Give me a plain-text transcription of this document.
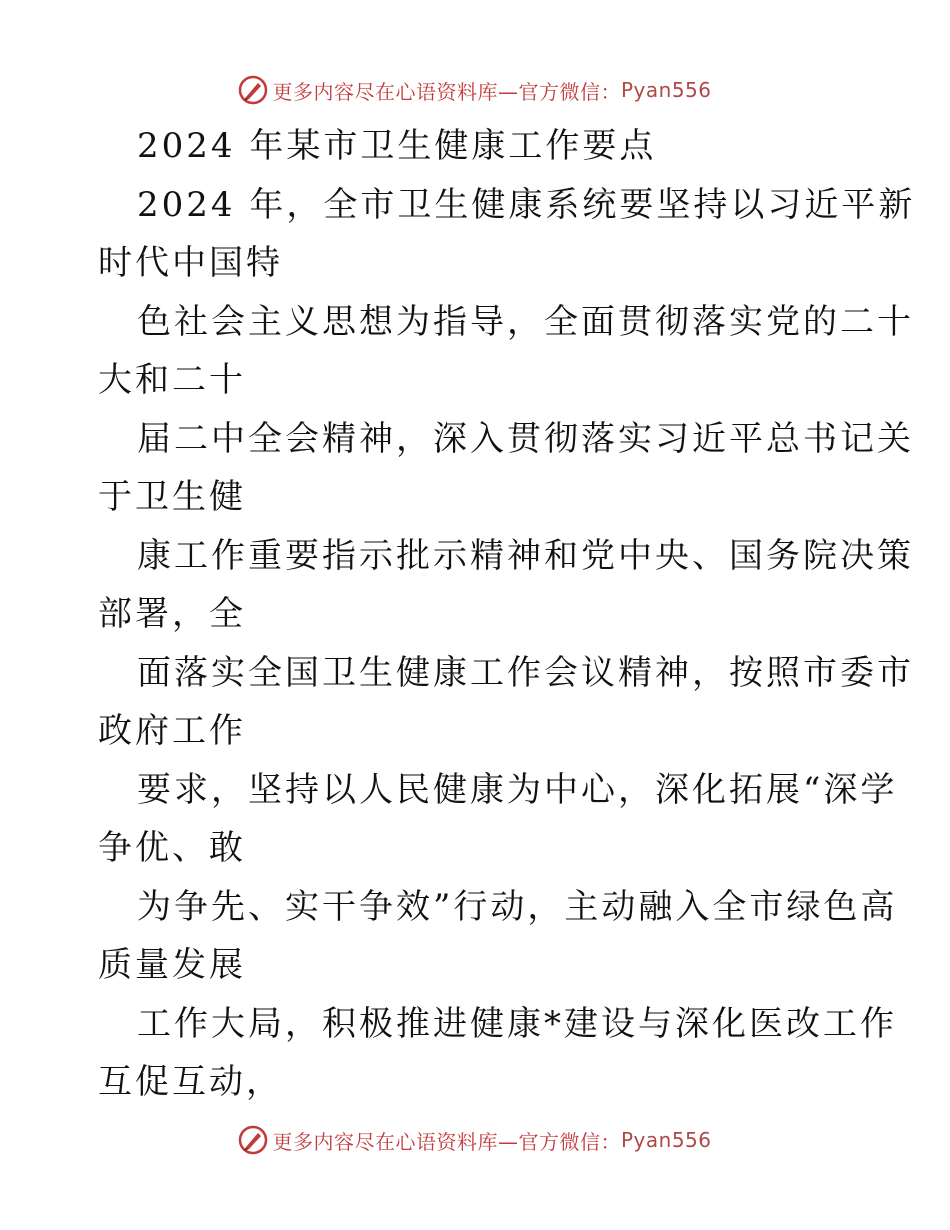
更多内容尽在心语资料库—官方微信： Pyan556
2024 年某市卫生健康工作要点
2024 年，全市卫生健康系统要坚持以习近平新
时代中国特
色社会主义思想为指导，全面贯彻落实党的二十
大和二十
届二中全会精神，深入贯彻落实习近平总书记关
于卫生健
康工作重要指示批示精神和党中央、国务院决策
部署，全
面落实全国卫生健康工作会议精神，按照市委市
政府工作
要求，坚持以人民健康为中心，深化拓展“深学
争优、敢
为争先、实干争效”行动，主动融入全市绿色高
质量发展
工作大局，积极推进健康*建设与深化医改工作
互促互动，
更多内容尽在心语资料库—官方微信： Pyan556
